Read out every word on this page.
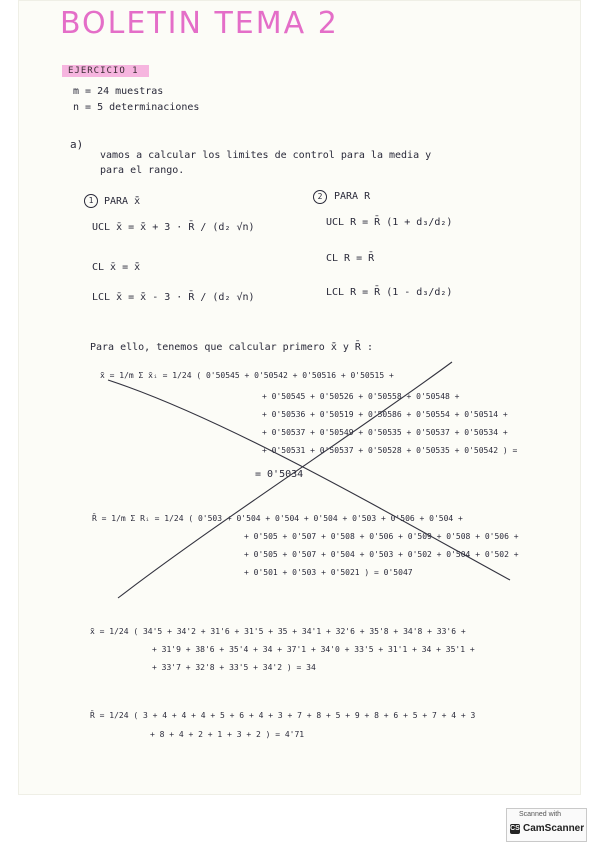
BOLETIN TEMA 2
EJERCICIO 1
m = 24 muestras
n = 5 determinaciones
a)
vamos a calcular los limites de control para la media y
para el rango.
1	PARA x̄̄
UCL x̄ = x̄̄ + 3 · R̄ / (d₂ √n)
CL x̄ = x̄̄
LCL x̄ = x̄̄ - 3 · R̄ / (d₂ √n)
2	PARA R
UCL R = R̄ (1 + d₃/d₂)
CL R = R̄
LCL R = R̄ (1 - d₃/d₂)
Para ello, tenemos que calcular primero x̄̄ y R̄ :
x̄̄ = 1/m Σ x̄ᵢ = 1/24 ( 0'50545 + 0'50542 + 0'50516 + 0'50515 +
+ 0'50545 + 0'50526 + 0'50558 + 0'50548 +
+ 0'50536 + 0'50519 + 0'50586 + 0'50554 + 0'50514 +
+ 0'50537 + 0'50549 + 0'50535 + 0'50537 + 0'50534 +
+ 0'50531 + 0'50537 + 0'50528 + 0'50535 + 0'50542 ) =
= 0'5034
R̄ = 1/m Σ Rᵢ = 1/24 ( 0'503 + 0'504 + 0'504 + 0'504 + 0'503 + 0'506 + 0'504 +
+ 0'505 + 0'507 + 0'508 + 0'506 + 0'509 + 0'508 + 0'506 +
+ 0'505 + 0'507 + 0'504 + 0'503 + 0'502 + 0'504 + 0'502 +
+ 0'501 + 0'503 + 0'5021 ) = 0'5047
x̄̄ = 1/24 ( 34'5 + 34'2 + 31'6 + 31'5 + 35 + 34'1 + 32'6 + 35'8 + 34'8 + 33'6 +
+ 31'9 + 38'6 + 35'4 + 34 + 37'1 + 34'0 + 33'5 + 31'1 + 34 + 35'1 +
+ 33'7 + 32'8 + 33'5 + 34'2 ) = 34
R̄ = 1/24 ( 3 + 4 + 4 + 4 + 5 + 6 + 4 + 3 + 7 + 8 + 5 + 9 + 8 + 6 + 5 + 7 + 4 + 3
+ 8 + 4 + 2 + 1 + 3 + 2 ) = 4'71
Scanned with
CS CamScanner
